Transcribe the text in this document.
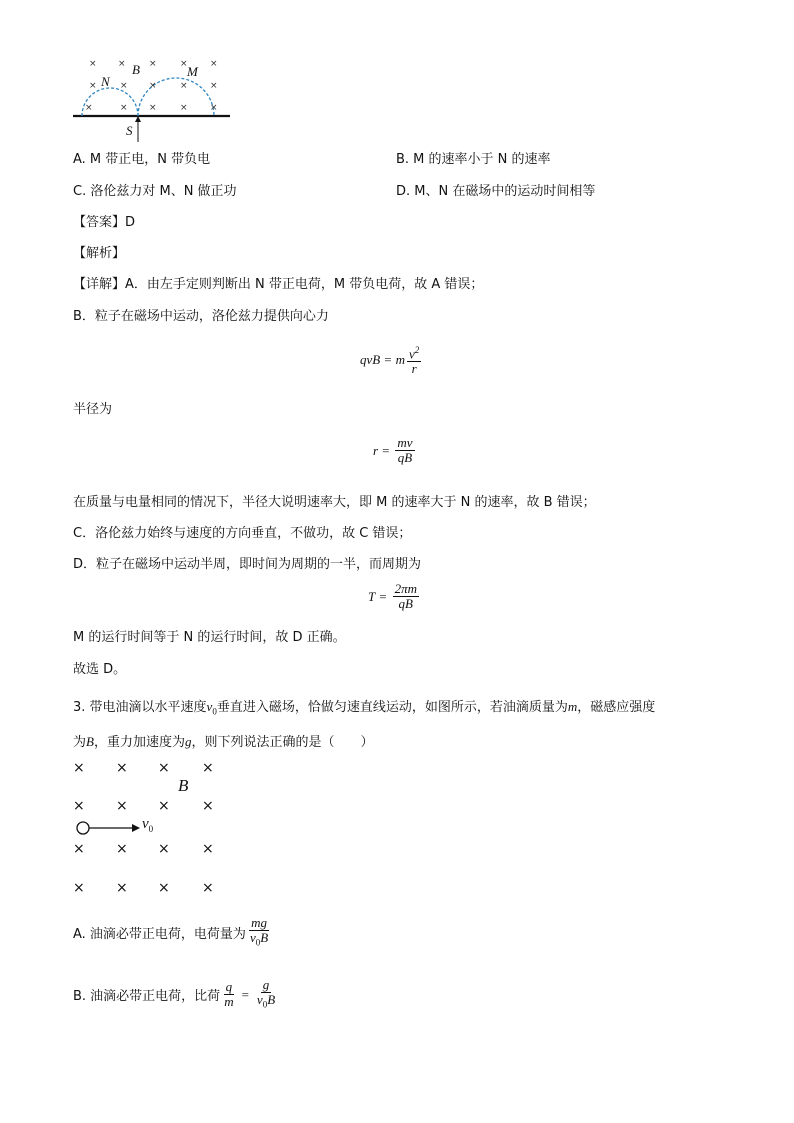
× ×	×	× ×
×	× ×	× ×
×	× ×	× ×
N
B	M
S
A. M 带正电，N 带负电	B. M 的速率小于 N 的速率
C. 洛伦兹力对 M、N 做正功	D. M、N 在磁场中的运动时间相等
【答案】D
【解析】
【详解】A．由左手定则判断出 N 带正电荷，M 带负电荷，故 A 错误；
B．粒子在磁场中运动，洛伦兹力提供向心力
qvB = m $\frac{v^2}{r}$
半径为
$r = \frac{mv}{qB}$
在质量与电量相同的情况下，半径大说明速率大，即 M 的速率大于 N 的速率，故 B 错误；
C．洛伦兹力始终与速度的方向垂直，不做功，故 C 错误；
D．粒子在磁场中运动半周，即时间为周期的一半，而周期为
$T = \frac{2\pi m}{qB}$
M 的运行时间等于 N 的运行时间，故 D 正确。
故选 D。
3. 带电油滴以水平速度$v_0$垂直进入磁场，恰做匀速直线运动，如图所示，若油滴质量为m，磁感应强度
为B，重力加速度为g，则下列说法正确的是（　　）
× × × ×
B
× × × ×
$v_0$
× × × ×
× × × ×
A. 油滴必带正电荷，电荷量为 $\frac{mg}{v_0B}$
B. 油滴必带正电荷，比荷 $\frac{q}{m} = \frac{g}{v_0B}$
